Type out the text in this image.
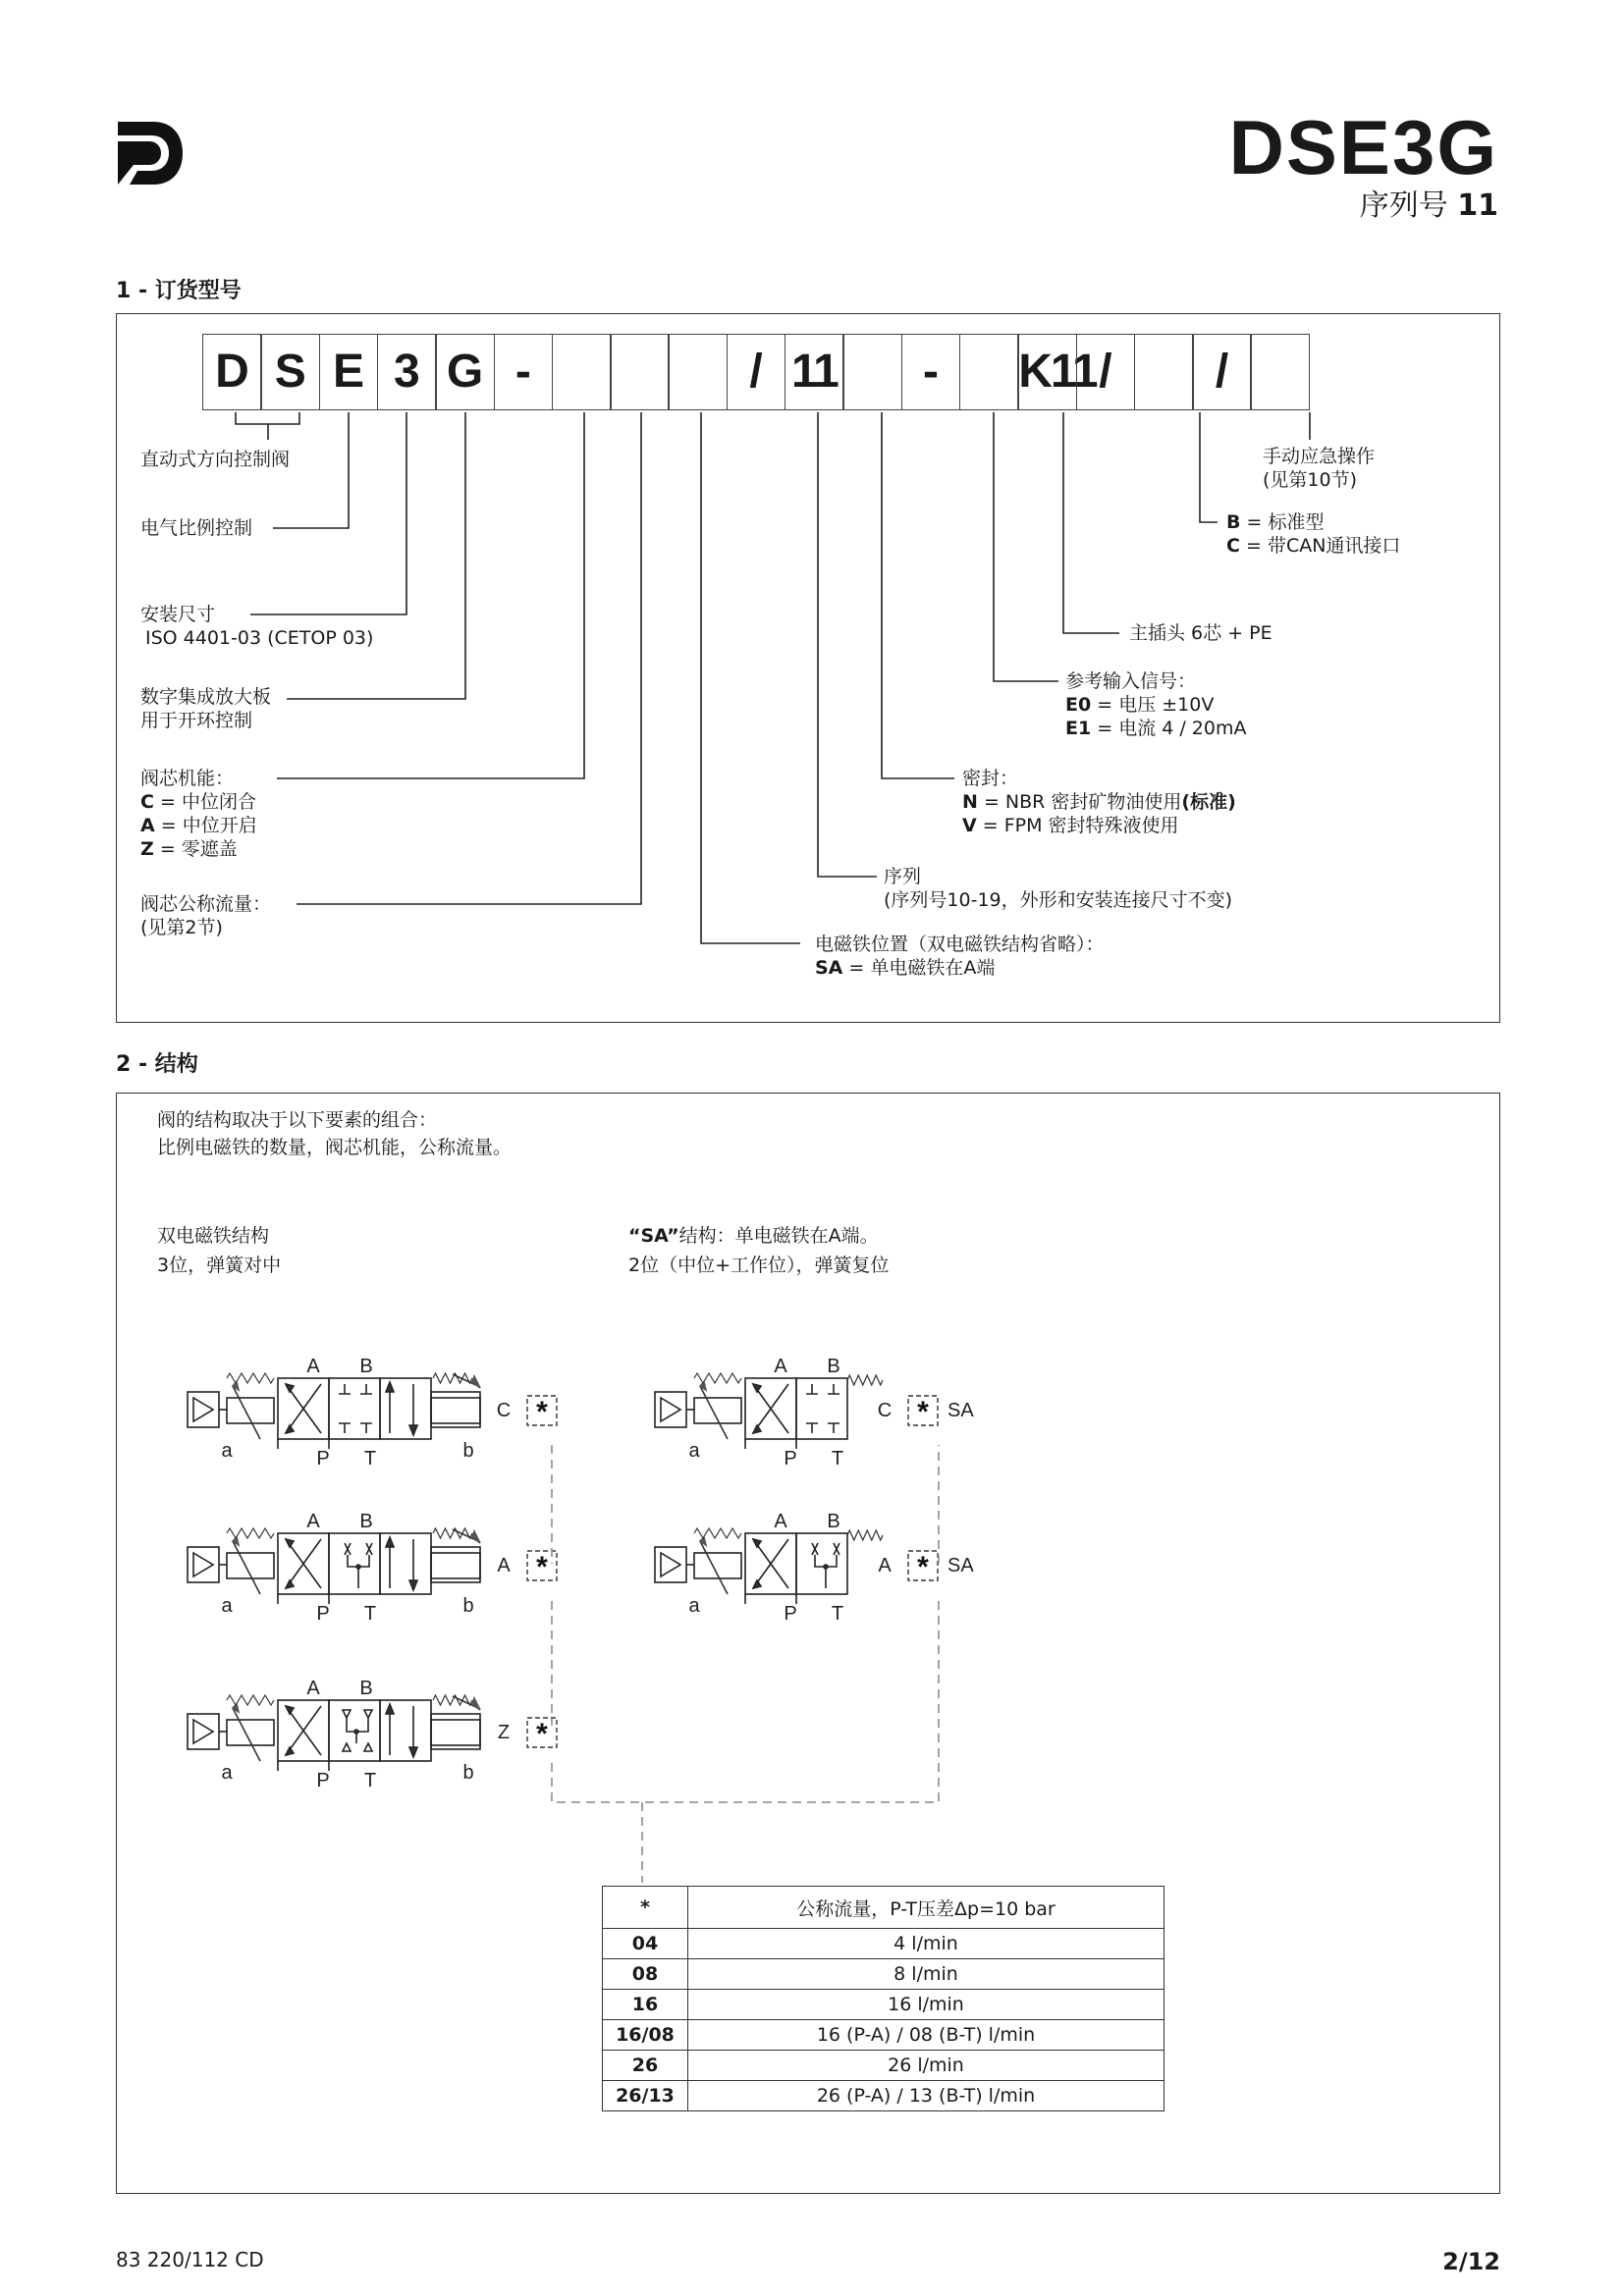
DSE3G
序列号 11
1 - 订货型号
D S E 3 G -	/ 11	-	K11 /	/
直动式方向控制阀
电气比例控制
安装尺寸
ISO 4401-03 (CETOP 03)
数字集成放大板
用于开环控制
阀芯机能：
C = 中位闭合
A = 中位开启
Z = 零遮盖
阀芯公称流量：
(见第2节)
手动应急操作
(见第10节)
B = 标准型
C = 带CAN通讯接口
主插头 6芯 + PE
参考输入信号：
E0 = 电压 ±10V
E1 = 电流 4 / 20mA
密封：
N = NBR 密封矿物油使用(标准)
V = FPM 密封特殊液使用
序列
(序列号10-19，外形和安装连接尺寸不变)
电磁铁位置（双电磁铁结构省略）：
SA = 单电磁铁在A端
2 - 结构
阀的结构取决于以下要素的组合：
比例电磁铁的数量，阀芯机能，公称流量。
双电磁铁结构
3位，弹簧对中
“SA”结构：单电磁铁在A端。
2位（中位+工作位），弹簧复位
A B
P T
a	b
C *
A B
P T
a	b
A *
A B
P T
a	b
Z *
A B
P T
a
C * SA
A B
P T
a
A * SA
*	公称流量，P-T压差Δp=10 bar
04	4 l/min
08	8 l/min
16	16 l/min
16/08	16 (P-A) / 08 (B-T) l/min
26	26 l/min
26/13	26 (P-A) / 13 (B-T) l/min
83 220/112 CD	2/12
